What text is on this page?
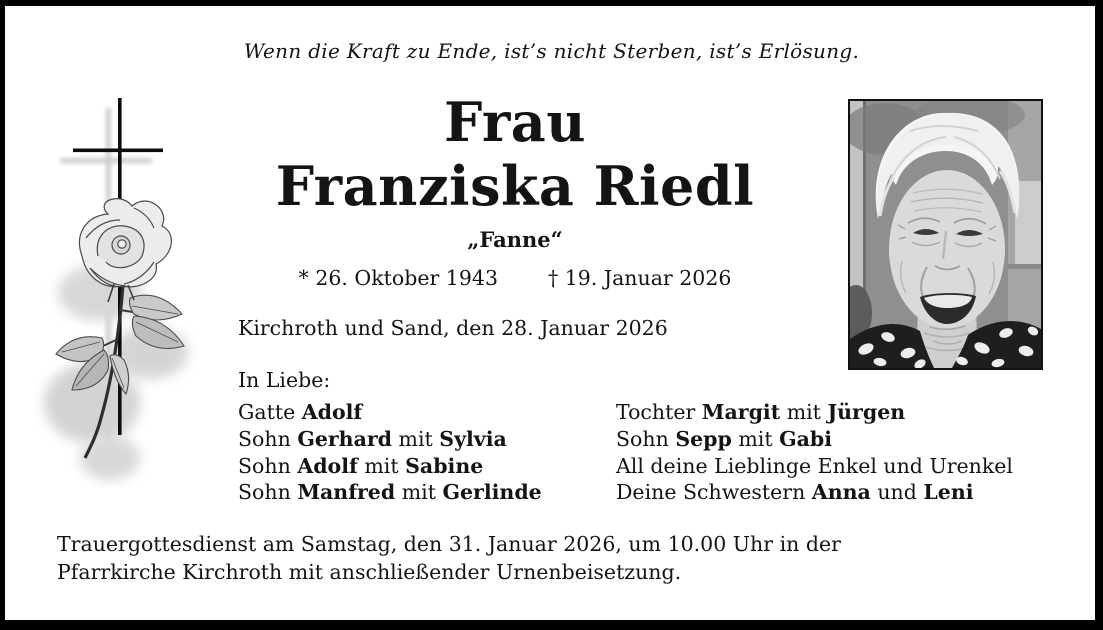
Wenn die Kraft zu Ende, ist’s nicht Sterben, ist’s Erlösung.
Frau
Franziska Riedl
„Fanne“
* 26. Oktober 1943 † 19. Januar 2026
Kirchroth und Sand, den 28. Januar 2026
In Liebe:
Gatte Adolf
Sohn Gerhard mit Sylvia
Sohn Adolf mit Sabine
Sohn Manfred mit Gerlinde
Tochter Margit mit Jürgen
Sohn Sepp mit Gabi
All deine Lieblinge Enkel und Urenkel
Deine Schwestern Anna und Leni
Trauergottesdienst am Samstag, den 31. Januar 2026, um 10.00 Uhr in der
Pfarrkirche Kirchroth mit anschließender Urnenbeisetzung.
